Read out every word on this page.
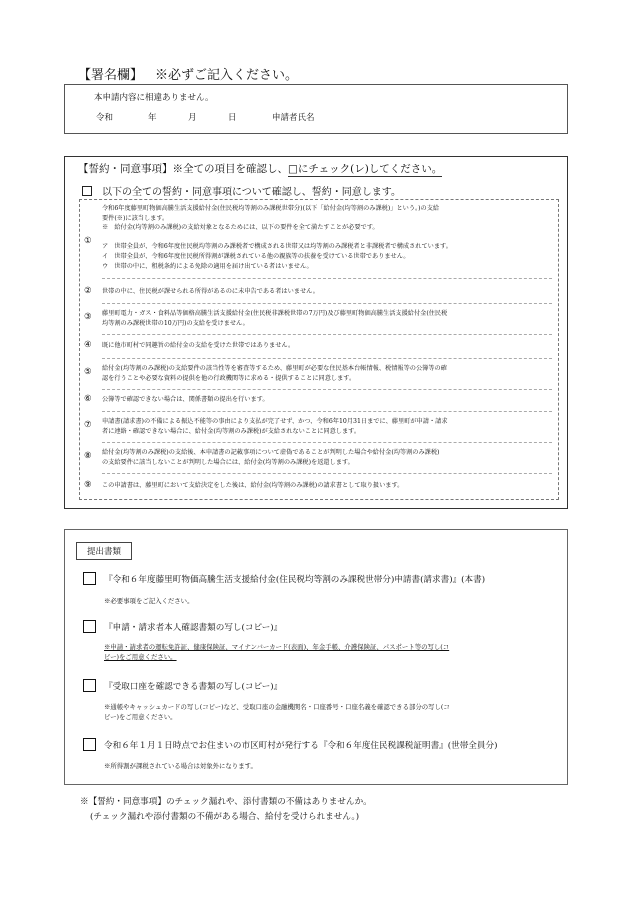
【署名欄】 ※必ずご記入ください。
本申請内容に相違ありません。
令和	年	月	日	申請者氏名
【誓約・同意事項】※全ての項目を確認し、□にチェック(レ)してください。
以下の全ての誓約・同意事項について確認し、誓約・同意します。
①

令和6年度藤里町物価高騰生活支援給付金(住民税均等割のみ課税世帯分)(以下「給付金(均等割のみ課税)」という。)の支給

要件(※)に該当します。

※　給付金(均等割のみ課税)の支給対象となるためには、以下の要件を全て満たすことが必要です。

ア　世帯全員が、令和6年度住民税均等割のみ課税者で構成される世帯又は均等割のみ課税者と非課税者で構成されています。

イ　世帯全員が、令和6年度住民税所得割が課税されている他の親族等の扶養を受けている世帯でありません。

ウ　世帯の中に、租税条約による免除の適用を届け出ている者はいません。

② 世帯の中に、住民税が課せられる所得があるのに未申告である者はいません。

③ 藤里町電力・ガス・食料品等価格高騰生活支援給付金(住民税非課税世帯の7万円)及び藤里町物価高騰生活支援給付金(住民税

均等割のみ課税世帯の10万円)の支給を受けません。

④ 既に他市町村で同趣旨の給付金の支給を受けた世帯ではありません。

⑤ 給付金(均等割のみ課税)の支給要件の該当性等を審査等するため、藤里町が必要な住民基本台帳情報、税情報等の公簿等の確

認を行うことや必要な資料の提供を他の行政機関等に求める・提供することに同意します。

⑥ 公簿等で確認できない場合は、関係書類の提出を行います。

⑦ 申請書(請求書)の不備による振込不能等の事由により支払が完了せず、かつ、令和6年10月31日までに、藤里町が申請・請求

者に連絡・確認できない場合に、給付金(均等割のみ課税)が支給されないことに同意します。

⑧ 給付金(均等割のみ課税)の支給後、本申請書の記載事項について虚偽であることが判明した場合や給付金(均等割のみ課税)

の支給要件に該当しないことが判明した場合には、給付金(均等割のみ課税)を返還します。

⑨ この申請書は、藤里町において支給決定をした後は、給付金(均等割のみ課税)の請求書として取り扱います。

提出書類
『令和６年度藤里町物価高騰生活支援給付金(住民税均等割のみ課税世帯分)申請書(請求書)』(本書)
※必要事項をご記入ください。
『申請・請求者本人確認書類の写し(コピー)』
※申請・請求者の運転免許証、健康保険証、マイナンバーカード(表面)、年金手帳、介護保険証、パスポート等の写し(コ
ピー)をご用意ください。
『受取口座を確認できる書類の写し(コピー)』
※通帳やキャッシュカードの写し(コピー)など、受取口座の金融機関名・口座番号・口座名義を確認できる部分の写し(コ
ピー)をご用意ください。
令和６年１月１日時点でお住まいの市区町村が発行する『令和６年度住民税課税証明書』(世帯全員分)
※所得割が課税されている場合は対象外になります。
※【誓約・同意事項】のチェック漏れや、添付書類の不備はありませんか。
(チェック漏れや添付書類の不備がある場合、給付を受けられません。)
